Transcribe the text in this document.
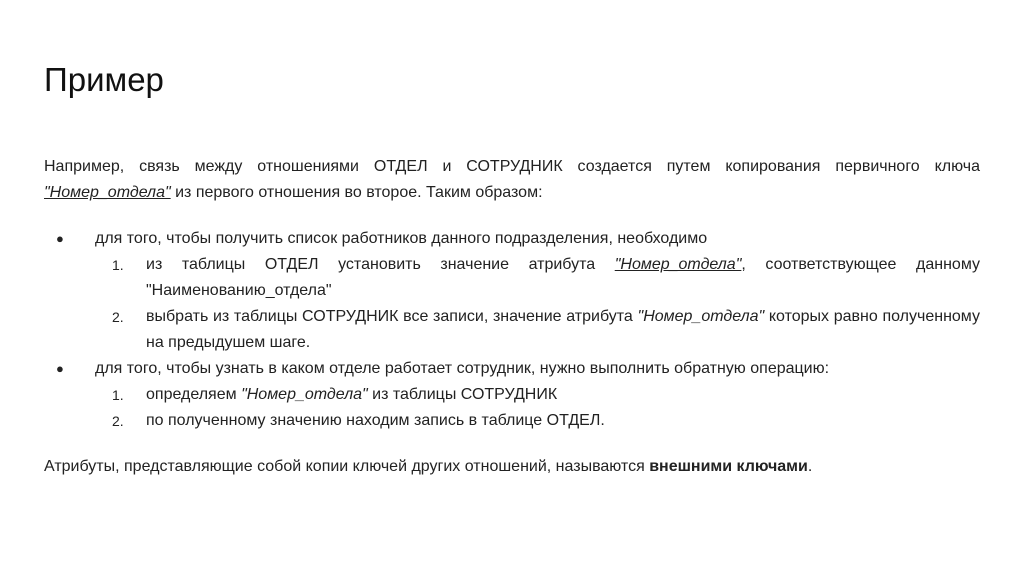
Пример

Например, связь между отношениями ОТДЕЛ и СОТРУДНИК создается путем копирования первичного ключа "Номер_отдела" из первого отношения во второе. Таким образом:

● для того, чтобы получить список работников данного подразделения, необходимо
1. из таблицы ОТДЕЛ установить значение атрибута "Номер_отдела", соответствующее данному "Наименованию_отдела"
2. выбрать из таблицы СОТРУДНИК все записи, значение атрибута "Номер_отдела" которых равно полученному на предыдушем шаге.
● для того, чтобы узнать в каком отделе работает сотрудник, нужно выполнить обратную операцию:
1. определяем "Номер_отдела" из таблицы СОТРУДНИК
2. по полученному значению находим запись в таблице ОТДЕЛ.

Атрибуты, представляющие собой копии ключей других отношений, называются внешними ключами.
